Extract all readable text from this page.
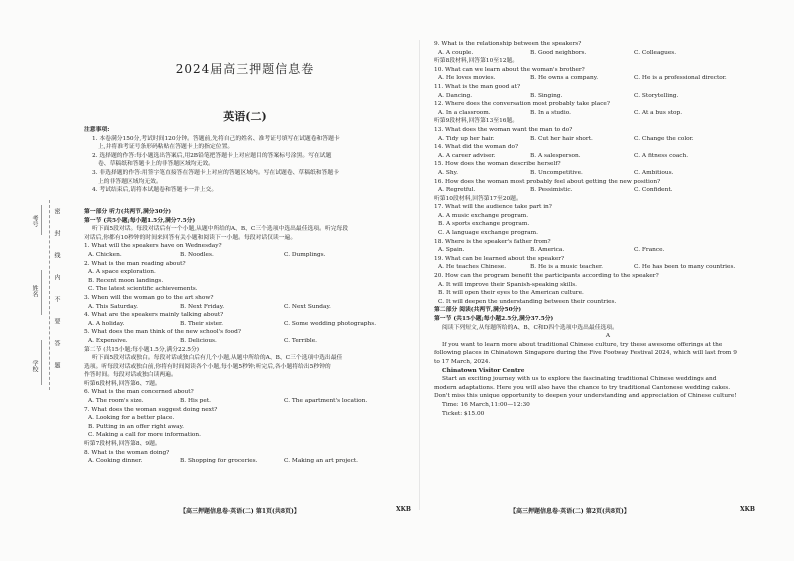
考号
姓名
学校
密
封
线
内
不
要
答
题
2024届高三押题信息卷
英语(二)
注意事项:
1. 本卷满分150分,考试时间120分钟。答题前,先将自己的姓名、准考证号填写在试题卷和答题卡
上,并将准考证号条形码粘贴在答题卡上的指定位置。
2. 选择题的作答:每小题选出答案后,用2B铅笔把答题卡上对应题目的答案标号涂黑。写在试题
卷、草稿纸和答题卡上的非答题区域均无效。
3. 非选择题的作答:用签字笔直接答在答题卡上对应的答题区域内。写在试题卷、草稿纸和答题卡
上的非答题区域均无效。
4. 考试结束后,请将本试题卷和答题卡一并上交。
第一部分 听力(共两节,满分30分)
第一节 (共5小题;每小题1.5分,满分7.5分)
听下面5段对话。每段对话后有一个小题,从题中所给的A、B、C三个选项中选出最佳选项。听完每段
对话后,你都有10秒钟的时间来回答有关小题和阅读下一小题。每段对话仅读一遍。
1. What will the speakers have on Wednesday?
A. Chicken.	B. Noodles.	C. Dumplings.
2. What is the man reading about?
A. A space exploration.
B. Recent moon landings.
C. The latest scientific achievements.
3. When will the woman go to the art show?
A. This Saturday.	B. Next Friday.	C. Next Sunday.
4. What are the speakers mainly talking about?
A. A holiday.	B. Their sister.	C. Some wedding photographs.
5. What does the man think of the new school's food?
A. Expensive.	B. Delicious.	C. Terrible.
第二节 (共15小题;每小题1.5分,满分22.5分)
听下面5段对话或独白。每段对话或独白后有几个小题,从题中所给的A、B、C三个选项中选出最佳
选项。听每段对话或独白前,你将有时间阅读各个小题,每小题5秒钟;听完后,各小题将给出5秒钟的
作答时间。每段对话或独白读两遍。
听第6段材料,回答第6、7题。
6. What is the man concerned about?
A. The room's size.	B. His pet.	C. The apartment's location.
7. What does the woman suggest doing next?
A. Looking for a better place.
B. Putting in an offer right away.
C. Making a call for more information.
听第7段材料,回答第8、9题。
8. What is the woman doing?
A. Cooking dinner.	B. Shopping for groceries.	C. Making an art project.
9. What is the relationship between the speakers?
A. A couple.	B. Good neighbors.	C. Colleagues.
听第8段材料,回答第10至12题。
10. What can we learn about the woman's brother?
A. He loves movies.	B. He owns a company.	C. He is a professional director.
11. What is the man good at?
A. Dancing.	B. Singing.	C. Storytelling.
12. Where does the conversation most probably take place?
A. In a classroom.	B. In a studio.	C. At a bus stop.
听第9段材料,回答第13至16题。
13. What does the woman want the man to do?
A. Tidy up her hair.	B. Cut her hair short.	C. Change the color.
14. What did the woman do?
A. A career adviser.	B. A salesperson.	C. A fitness coach.
15. How does the woman describe herself?
A. Shy.	B. Uncompetitive.	C. Ambitious.
16. How does the woman most probably feel about getting the new position?
A. Regretful.	B. Pessimistic.	C. Confident.
听第10段材料,回答第17至20题。
17. What will the audience take part in?
A. A music exchange program.
B. A sports exchange program.
C. A language exchange program.
18. Where is the speaker's father from?
A. Spain.	B. America.	C. France.
19. What can be learned about the speaker?
A. He teaches Chinese.	B. He is a music teacher.	C. He has been to many countries.
20. How can the program benefit the participants according to the speaker?
A. It will improve their Spanish-speaking skills.
B. It will open their eyes to the American culture.
C. It will deepen the understanding between their countries.
第二部分 阅读(共两节,满分50分)
第一节 (共15小题;每小题2.5分,满分37.5分)
阅读下列短文,从每题所给的A、B、C和D四个选项中选出最佳选项。
A
If you want to learn more about traditional Chinese culture, try these awesome offerings at the
following places in Chinatown Singapore during the Five Footway Festival 2024, which will last from 9
to 17 March, 2024.
Chinatown Visitor Centre
Start an exciting journey with us to explore the fascinating traditional Chinese weddings and
modern adaptations. Here you will also have the chance to try traditional Cantonese wedding cakes.
Don't miss this unique opportunity to deepen your understanding and appreciation of Chinese culture!
Time: 16 March,11:00—12:30
Ticket: $15.00
【高三押题信息卷·英语(二) 第1页(共8页)】	XKB	【高三押题信息卷·英语(二) 第2页(共8页)】	XKB
